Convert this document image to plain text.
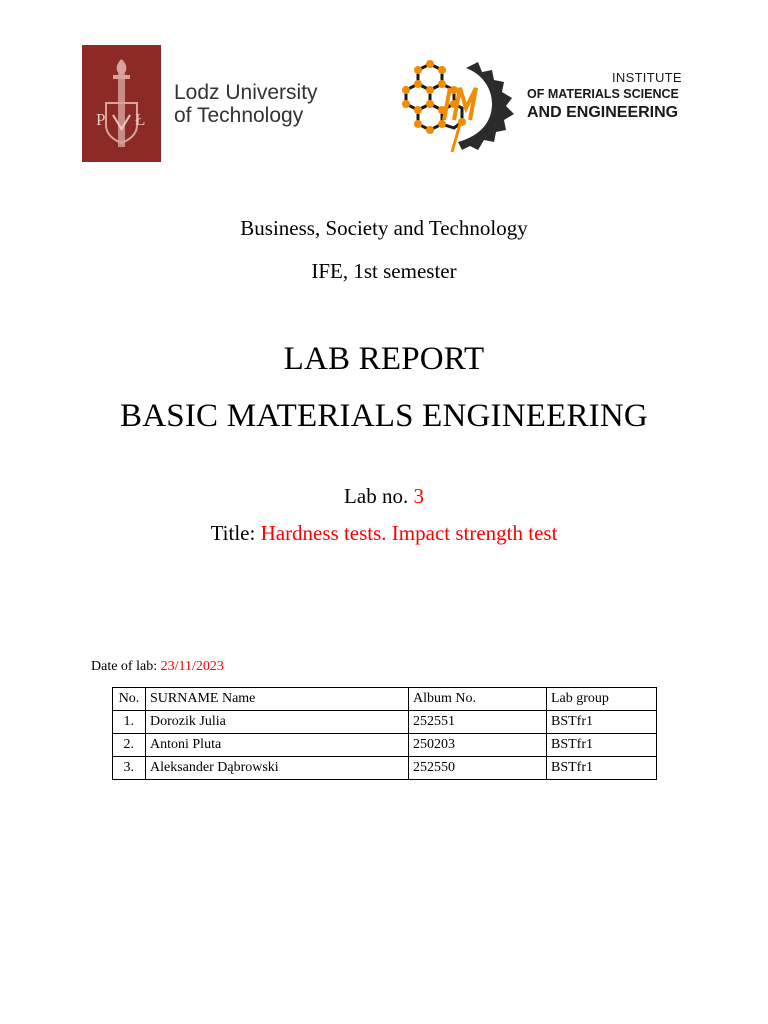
P Ł
Lodz University
of Technology
INSTITUTE
OF MATERIALS SCIENCE
AND ENGINEERING
Business, Society and Technology
IFE, 1st semester
LAB REPORT
BASIC MATERIALS ENGINEERING
Lab no. 3
Title: Hardness tests. Impact strength test
Date of lab: 23/11/2023
No.	SURNAME Name	Album No.	Lab group
1.	Dorozik Julia	252551	BSTfr1
2.	Antoni Pluta	250203	BSTfr1
3.	Aleksander Dąbrowski	252550	BSTfr1
